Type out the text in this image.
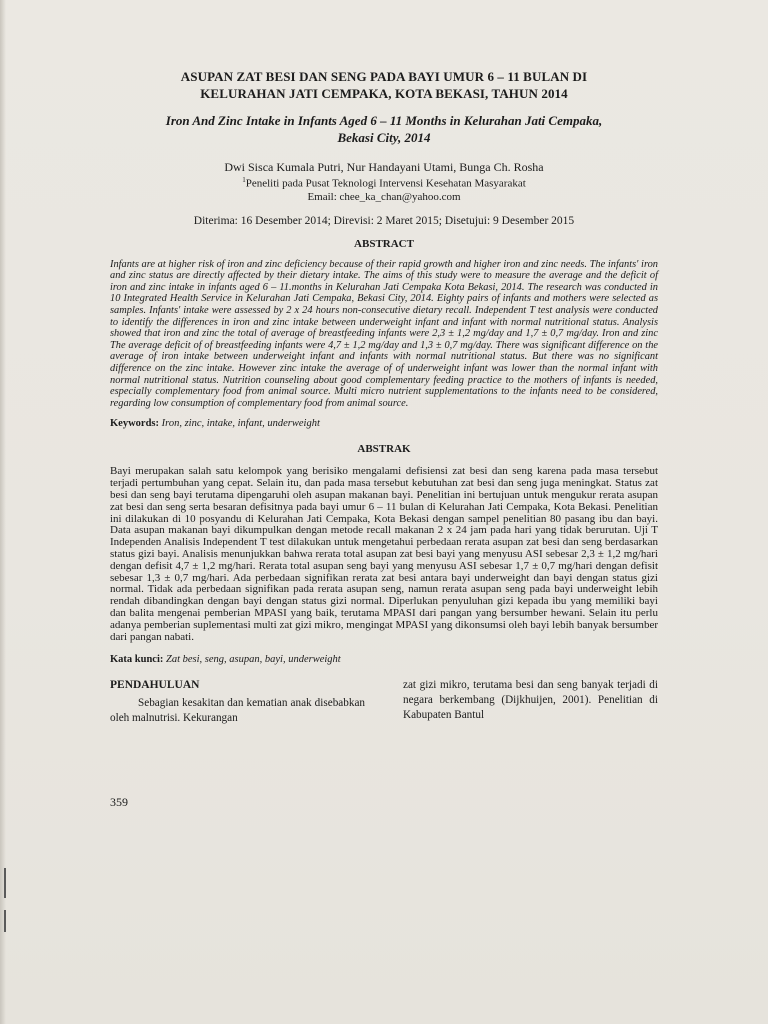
ASUPAN ZAT BESI DAN SENG PADA BAYI UMUR 6 – 11 BULAN DI
KELURAHAN JATI CEMPAKA, KOTA BEKASI, TAHUN 2014
Iron And Zinc Intake in Infants Aged 6 – 11 Months in Kelurahan Jati Cempaka,
Bekasi City, 2014
Dwi Sisca Kumala Putri, Nur Handayani Utami, Bunga Ch. Rosha
$^1$Peneliti pada Pusat Teknologi Intervensi Kesehatan Masyarakat
Email: chee_ka_chan@yahoo.com
Diterima: 16 Desember 2014; Direvisi: 2 Maret 2015; Disetujui: 9 Desember 2015
ABSTRACT

Infants are at higher risk of iron and zinc deficiency because of their rapid growth and higher iron and zinc needs. The infants' iron and zinc status are directly affected by their dietary intake. The aims of this study were to measure the average and the deficit of iron and zinc intake in infants aged 6 – 11.months in Kelurahan Jati Cempaka Kota Bekasi, 2014. The research was conducted in 10 Integrated Health Service in Kelurahan Jati Cempaka, Bekasi City, 2014. Eighty pairs of infants and mothers were selected as samples. Infants' intake were assessed by 2 x 24 hours non-consecutive dietary recall. Independent T test analysis were conducted to identify the differences in iron and zinc intake between underweight infant and infant with normal nutritional status. Analysis showed that iron and zinc the total of average of breastfeeding infants were 2,3 ± 1,2 mg/day and 1,7 ± 0,7 mg/day. Iron and zinc The average deficit of of breastfeeding infants were 4,7 ± 1,2 mg/day and 1,3 ± 0,7 mg/day. There was significant difference on the average of iron intake between underweight infant and infants with normal nutritional status. But there was no significant difference on the zinc intake. However zinc intake the average of of underweight infant was lower than the normal infant with normal nutritional status. Nutrition counseling about good complementary feeding practice to the mothers of infants is needed, especially complementary food from animal source. Multi micro nutrient supplementations to the infants need to be considered, regarding low consumption of complementary food from animal source.

Keywords: Iron, zinc, intake, infant, underweight
ABSTRAK

Bayi merupakan salah satu kelompok yang berisiko mengalami defisiensi zat besi dan seng karena pada masa tersebut terjadi pertumbuhan yang cepat. Selain itu, dan pada masa tersebut kebutuhan zat besi dan seng juga meningkat. Status zat besi dan seng bayi terutama dipengaruhi oleh asupan makanan bayi. Penelitian ini bertujuan untuk mengukur rerata asupan zat besi dan seng serta besaran defisitnya pada bayi umur 6 – 11 bulan di Kelurahan Jati Cempaka, Kota Bekasi. Penelitian ini dilakukan di 10 posyandu di Kelurahan Jati Cempaka, Kota Bekasi dengan sampel penelitian 80 pasang ibu dan bayi. Data asupan makanan bayi dikumpulkan dengan metode recall makanan 2 x 24 jam pada hari yang tidak berurutan. Uji T Independen Analisis Independent T test dilakukan untuk mengetahui perbedaan rerata asupan zat besi dan seng berdasarkan status gizi bayi. Analisis menunjukkan bahwa rerata total asupan zat besi bayi yang menyusu ASI sebesar 2,3 ± 1,2 mg/hari dengan defisit 4,7 ± 1,2 mg/hari. Rerata total asupan seng bayi yang menyusu ASI sebesar 1,7 ± 0,7 mg/hari dengan defisit sebesar 1,3 ± 0,7 mg/hari. Ada perbedaan signifikan rerata zat besi antara bayi underweight dan bayi dengan status gizi normal. Tidak ada perbedaan signifikan pada rerata asupan seng, namun rerata asupan seng pada bayi underweight lebih rendah dibandingkan dengan bayi dengan status gizi normal. Diperlukan penyuluhan gizi kepada ibu yang memiliki bayi dan balita mengenai pemberian MPASI yang baik, terutama MPASI dari pangan yang bersumber hewani. Selain itu perlu adanya pemberian suplementasi multi zat gizi mikro, mengingat MPASI yang dikonsumsi oleh bayi lebih banyak bersumber dari pangan nabati.

Kata kunci: Zat besi, seng, asupan, bayi, underweight
PENDAHULUAN
Sebagian kesakitan dan kematian anak disebabkan oleh malnutrisi. Kekurangan
zat gizi mikro, terutama besi dan seng banyak terjadi di negara berkembang (Dijkhuijen, 2001). Penelitian di Kabupaten Bantul
359
